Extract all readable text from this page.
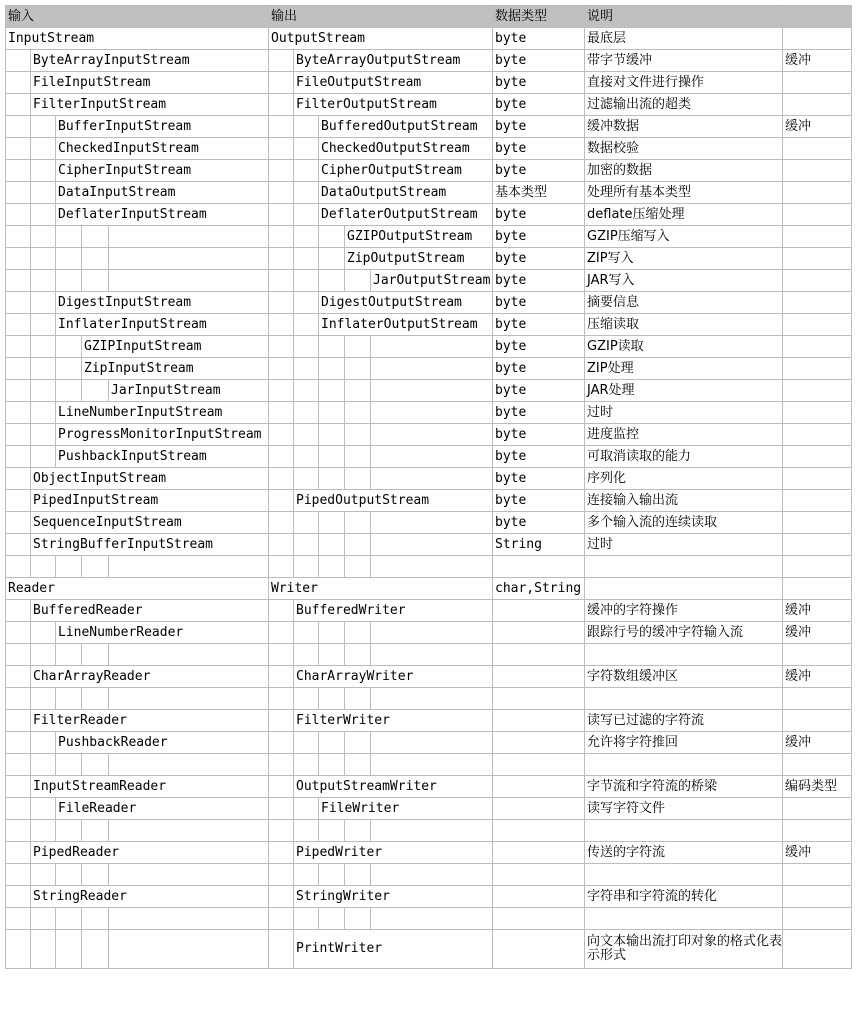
输入					输出					数据类型	说明	
InputStream					OutputStream					byte	最底层	
	ByteArrayInputStream					ByteArrayOutputStream				byte	带字节缓冲	缓冲
	FileInputStream					FileOutputStream				byte	直接对文件进行操作	
	FilterInputStream					FilterOutputStream				byte	过滤输出流的超类	
		BufferInputStream					BufferedOutputStream			byte	缓冲数据	缓冲
		CheckedInputStream					CheckedOutputStream			byte	数据校验	
		CipherInputStream					CipherOutputStream			byte	加密的数据	
		DataInputStream					DataOutputStream			基本类型	处理所有基本类型	
		DeflaterInputStream					DeflaterOutputStream			byte	deflate压缩处理	
								GZIPOutputStream		byte	GZIP压缩写入	
								ZipOutputStream		byte	ZIP写入	
									JarOutputStream	byte	JAR写入	
		DigestInputStream					DigestOutputStream			byte	摘要信息	
		InflaterInputStream					InflaterOutputStream			byte	压缩读取	
			GZIPInputStream							byte	GZIP读取	
			ZipInputStream							byte	ZIP处理	
				JarInputStream						byte	JAR处理	
		LineNumberInputStream								byte	过时	
		ProgressMonitorInputStream								byte	进度监控	
		PushbackInputStream								byte	可取消读取的能力	
	ObjectInputStream									byte	序列化	
	PipedInputStream					PipedOutputStream				byte	连接输入输出流	
	SequenceInputStream									byte	多个输入流的连续读取	
	StringBufferInputStream									String	过时	

Reader					Writer					char,String		
	BufferedReader					BufferedWriter					缓冲的字符操作	缓冲
		LineNumberReader									跟踪行号的缓冲字符输入流	缓冲

	CharArrayReader					CharArrayWriter					字符数组缓冲区	缓冲

	FilterReader					FilterWriter					读写已过滤的字符流	
		PushbackReader									允许将字符推回	缓冲

	InputStreamReader					OutputStreamWriter					字节流和字符流的桥梁	编码类型
		FileReader					FileWriter				读写字符文件	

	PipedReader					PipedWriter					传送的字符流	缓冲

	StringReader					StringWriter					字符串和字符流的转化	

						PrintWriter					向文本输出流打印对象的格式化表示形式	
